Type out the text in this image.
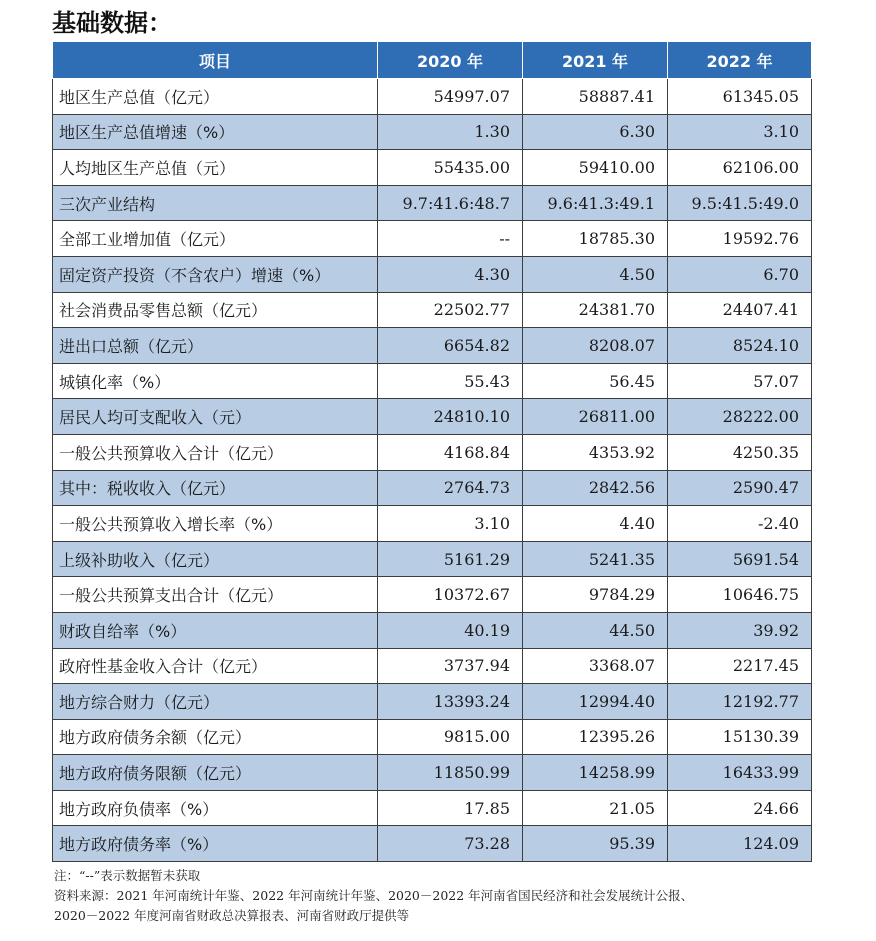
基础数据：
项目	2020 年	2021 年	2022 年
地区生产总值（亿元）	54997.07	58887.41	61345.05
地区生产总值增速（%）	1.30	6.30	3.10
人均地区生产总值（元）	55435.00	59410.00	62106.00
三次产业结构	9.7:41.6:48.7	9.6:41.3:49.1	9.5:41.5:49.0
全部工业增加值（亿元）	--	18785.30	19592.76
固定资产投资（不含农户）增速（%）	4.30	4.50	6.70
社会消费品零售总额（亿元）	22502.77	24381.70	24407.41
进出口总额（亿元）	6654.82	8208.07	8524.10
城镇化率（%）	55.43	56.45	57.07
居民人均可支配收入（元）	24810.10	26811.00	28222.00
一般公共预算收入合计（亿元）	4168.84	4353.92	4250.35
其中：税收收入（亿元）	2764.73	2842.56	2590.47
一般公共预算收入增长率（%）	3.10	4.40	-2.40
上级补助收入（亿元）	5161.29	5241.35	5691.54
一般公共预算支出合计（亿元）	10372.67	9784.29	10646.75
财政自给率（%）	40.19	44.50	39.92
政府性基金收入合计（亿元）	3737.94	3368.07	2217.45
地方综合财力（亿元）	13393.24	12994.40	12192.77
地方政府债务余额（亿元）	9815.00	12395.26	15130.39
地方政府债务限额（亿元）	11850.99	14258.99	16433.99
地方政府负债率（%）	17.85	21.05	24.66
地方政府债务率（%）	73.28	95.39	124.09
注：“--”表示数据暂未获取
资料来源：2021 年河南统计年鉴、2022 年河南统计年鉴、2020－2022 年河南省国民经济和社会发展统计公报、
2020－2022 年度河南省财政总决算报表、河南省财政厅提供等
